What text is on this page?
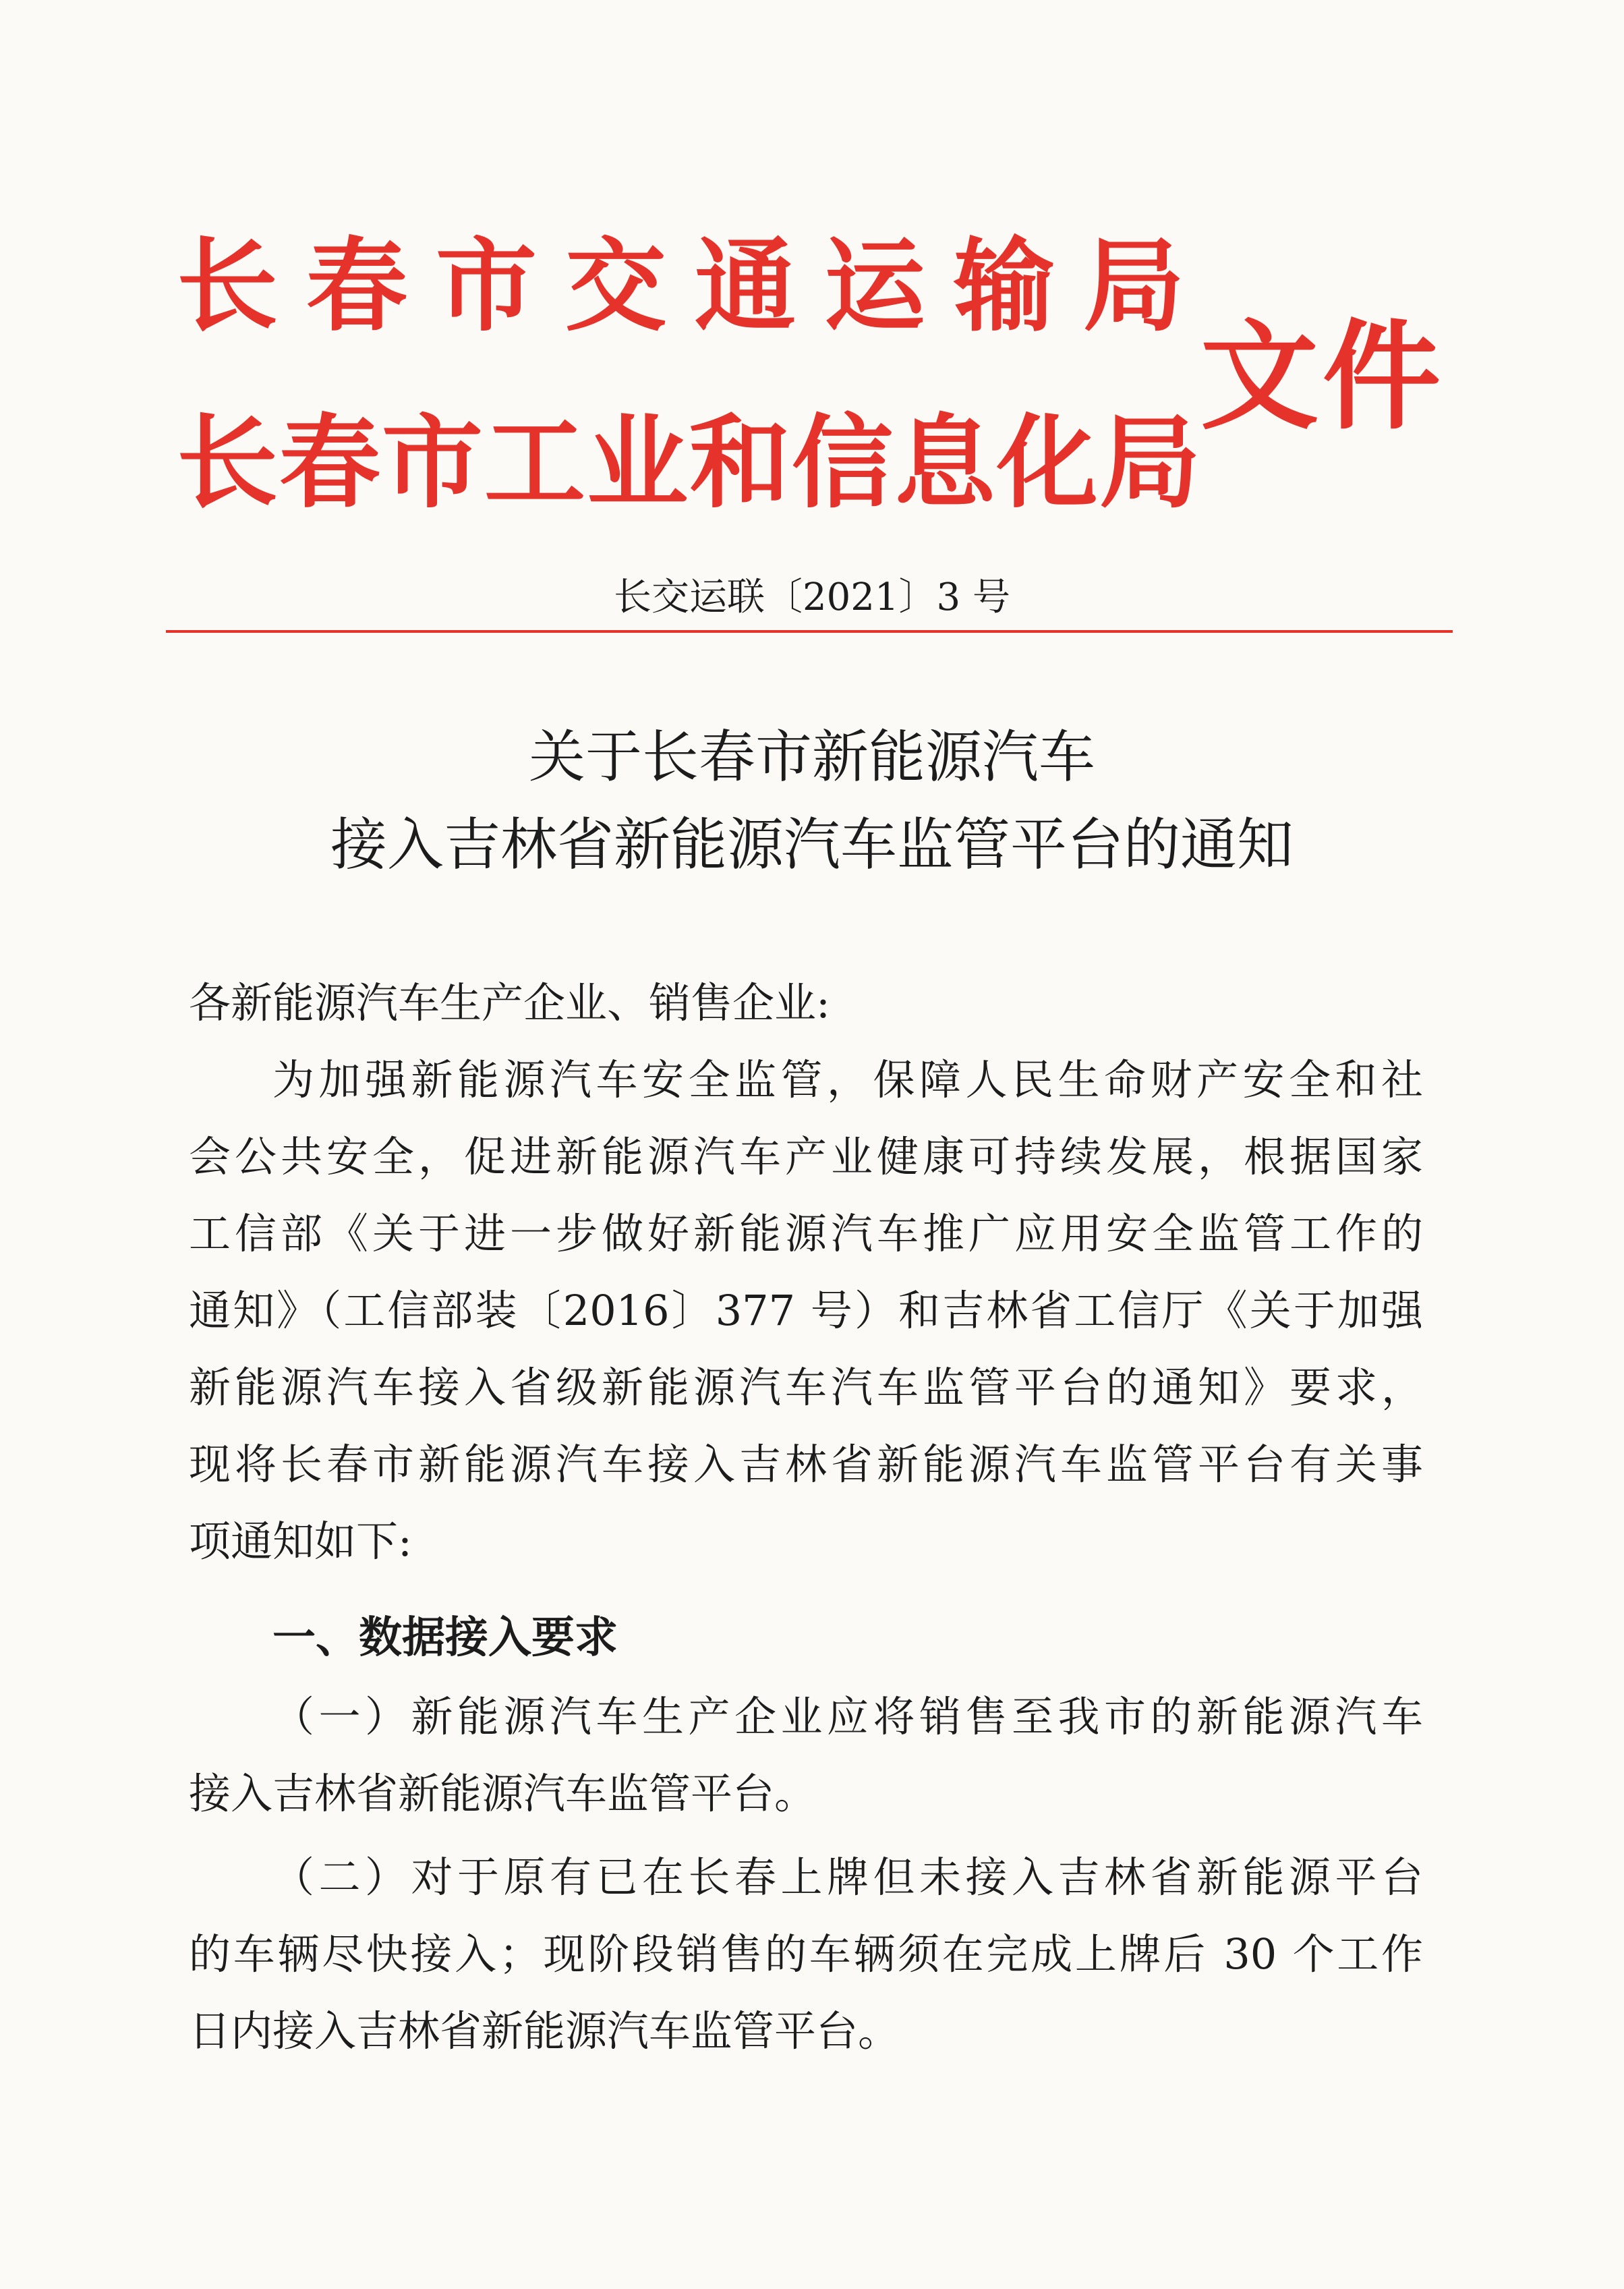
长春市交通运输局
长春市工业和信息化局
文件
长交运联〔2021〕3 号
关于长春市新能源汽车
接入吉林省新能源汽车监管平台的通知

各新能源汽车生产企业、销售企业:

为加强新能源汽车安全监管，保障人民生命财产安全和社

会公共安全，促进新能源汽车产业健康可持续发展，根据国家

工信部《关于进一步做好新能源汽车推广应用安全监管工作的

通知》（工信部装〔2016〕377 号）和吉林省工信厅《关于加强

新能源汽车接入省级新能源汽车汽车监管平台的通知》要求，

现将长春市新能源汽车接入吉林省新能源汽车监管平台有关事

项通知如下:

一、数据接入要求

（一）新能源汽车生产企业应将销售至我市的新能源汽车

接入吉林省新能源汽车监管平台。

（二）对于原有已在长春上牌但未接入吉林省新能源平台

的车辆尽快接入；现阶段销售的车辆须在完成上牌后 30 个工作

日内接入吉林省新能源汽车监管平台。
